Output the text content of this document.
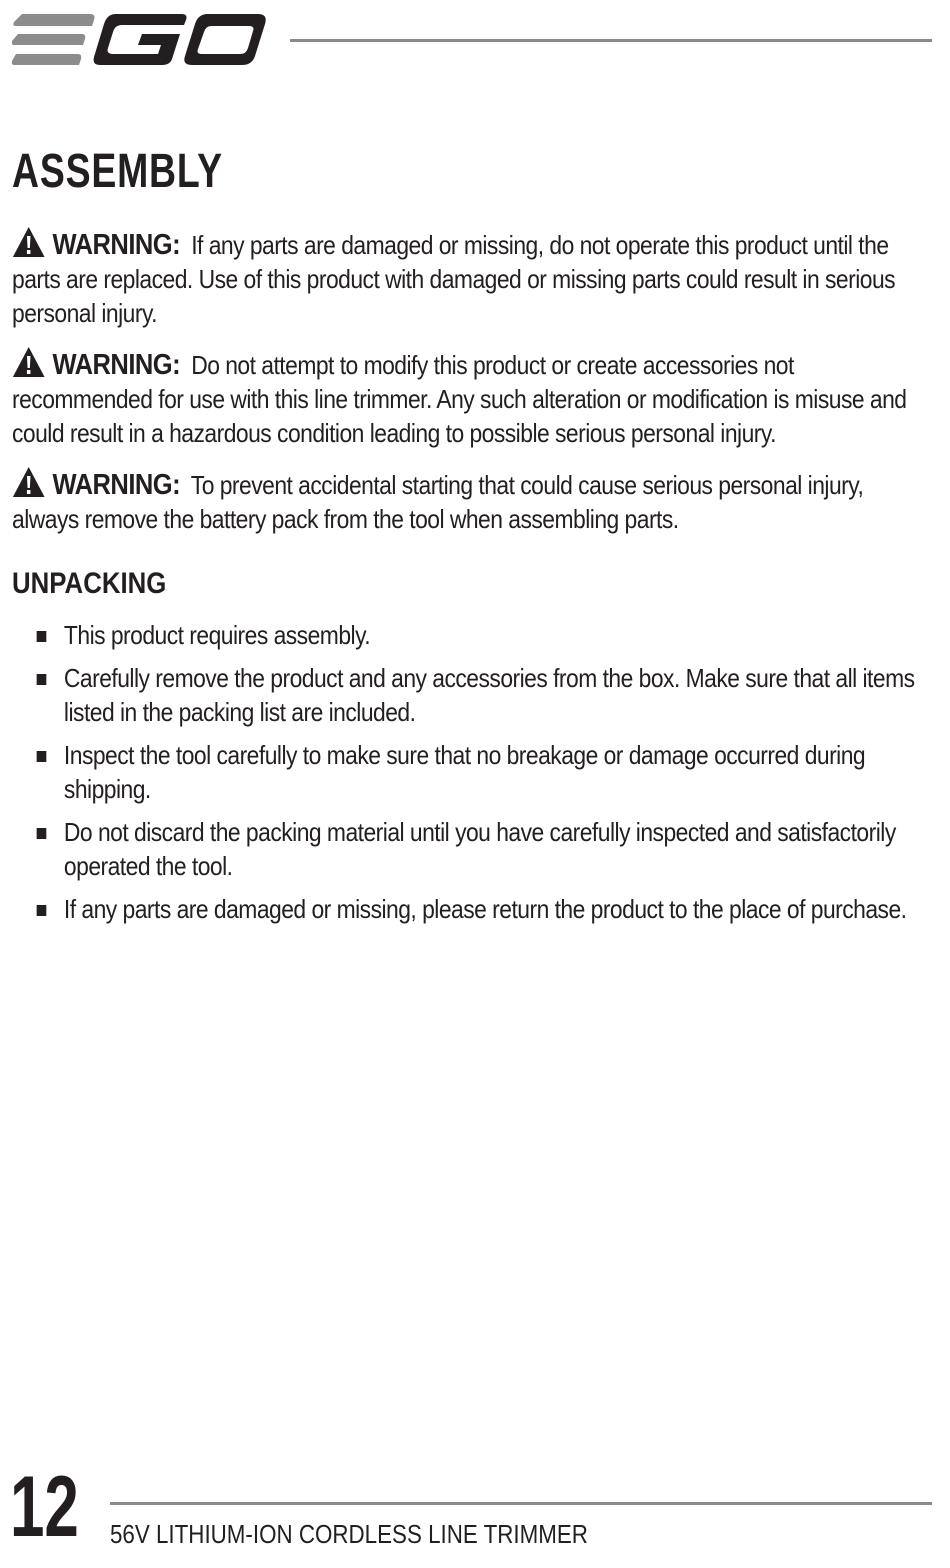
ASSEMBLY

WARNING: If any parts are damaged or missing, do not operate this product until the parts are replaced. Use of this product with damaged or missing parts could result in serious personal injury.

WARNING: Do not attempt to modify this product or create accessories not recommended for use with this line trimmer. Any such alteration or modification is misuse and could result in a hazardous condition leading to possible serious personal injury.

WARNING: To prevent accidental starting that could cause serious personal injury, always remove the battery pack from the tool when assembling parts.

UNPACKING
This product requires assembly.
Carefully remove the product and any accessories from the box. Make sure that all items listed in the packing list are included.
Inspect the tool carefully to make sure that no breakage or damage occurred during shipping.
Do not discard the packing material until you have carefully inspected and satisfactorily operated the tool.
If any parts are damaged or missing, please return the product to the place of purchase.
12 56V LITHIUM-ION CORDLESS LINE TRIMMER
